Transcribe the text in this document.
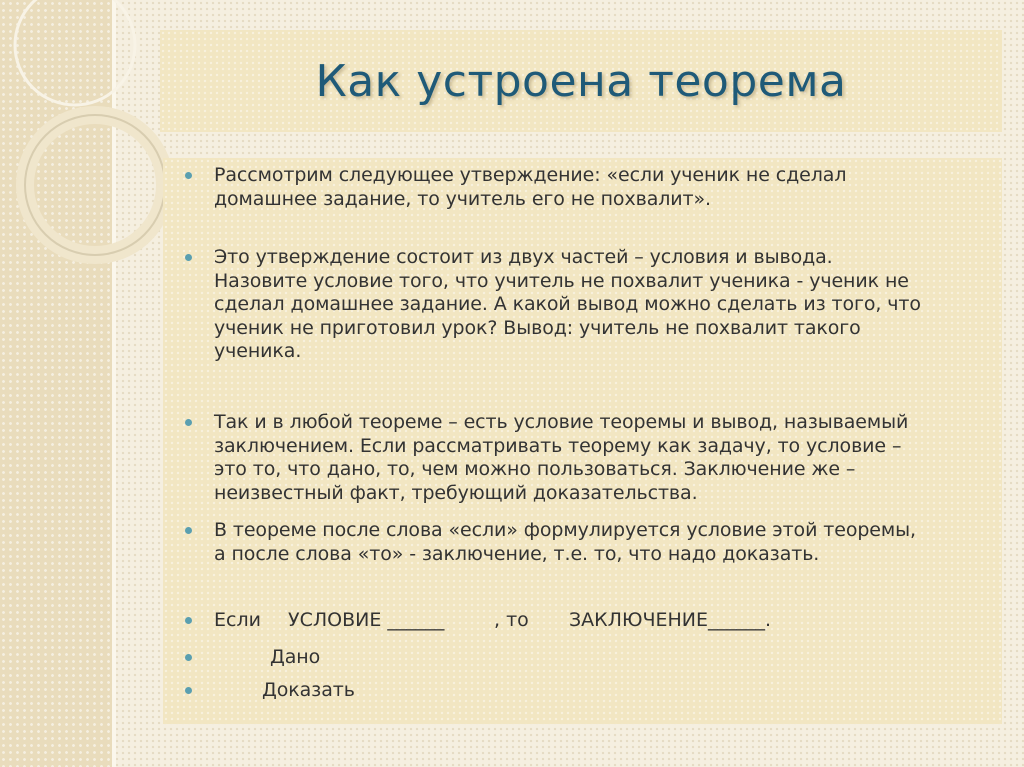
Как устроена теорема
Рассмотрим следующее утверждение: «если ученик не сделал
домашнее задание, то учитель его не похвалит».
Это утверждение состоит из двух частей – условия и вывода.
Назовите условие того, что учитель не похвалит ученика - ученик не
сделал домашнее задание. А какой вывод можно сделать из того, что
ученик не приготовил урок? Вывод: учитель не похвалит такого
ученика.
Так и в любой теореме – есть условие теоремы и вывод, называемый
заключением. Если рассматривать теорему как задачу, то условие –
это то, что дано, то, чем можно пользоваться. Заключение же –
неизвестный факт, требующий доказательства.
В теореме после слова «если» формулируется условие этой теоремы,
а после слова «то» - заключение, т.е. то, что надо доказать.
Если УСЛОВИЕ ______	, то ЗАКЛЮЧЕНИЕ______.
Дано
Доказать
